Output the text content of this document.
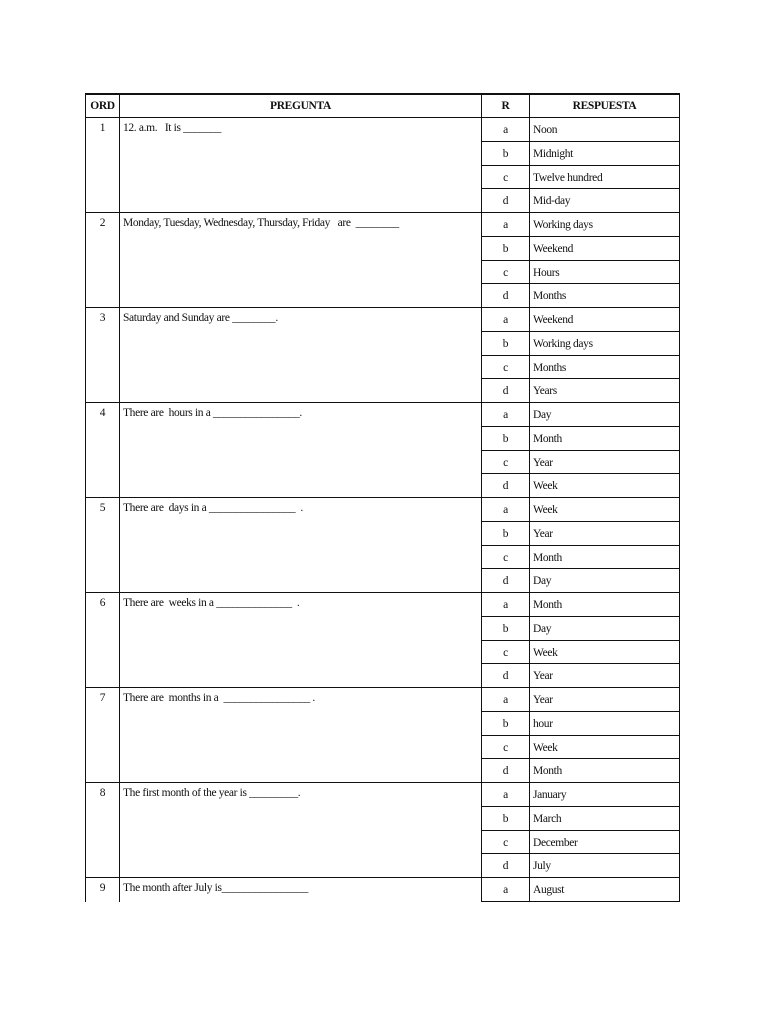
ORD	PREGUNTA	R	RESPUESTA
1	12. a.m.   It is _______	a	Noon
b	Midnight
c	Twelve hundred
d	Mid-day
2	Monday, Tuesday, Wednesday, Thursday, Friday   are  ________	a	Working days
b	Weekend
c	Hours
d	Months
3	Saturday and Sunday are ________.	a	Weekend
b	Working days
c	Months
d	Years
4	There are  hours in a ________________.	a	Day
b	Month
c	Year
d	Week
5	There are  days in a ________________  .	a	Week
b	Year
c	Month
d	Day
6	There are  weeks in a ______________  .	a	Month
b	Day
c	Week
d	Year
7	There are  months in a  ________________ .	a	Year
b	hour
c	Week
d	Month
8	The first month of the year is _________.	a	January
b	March
c	December
d	July
9	The month after July is________________	a	August
